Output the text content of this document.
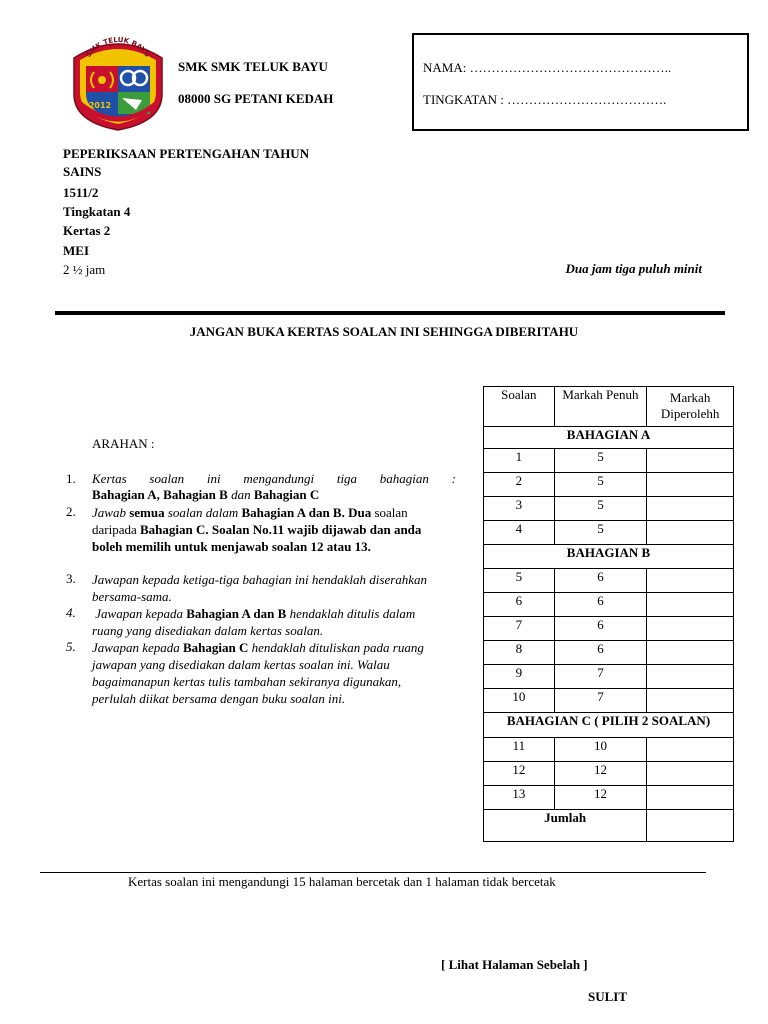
SMK TELUK BAYU
2012
SMK SMK TELUK BAYU
08000 SG PETANI KEDAH
NAMA: ………………………………………..
TINGKATAN : ……………………………….
PEPERIKSAAN PERTENGAHAN TAHUN
SAINS
1511/2
Tingkatan 4
Kertas 2
MEI
2 ½ jam	Dua jam tiga puluh minit
JANGAN BUKA KERTAS SOALAN INI SEHINGGA DIBERITAHU
ARAHAN :
1. Kertas soalan ini mengandungi tiga bahagian :
Bahagian A, Bahagian B dan Bahagian C
2. Jawab semua soalan dalam Bahagian A dan B. Dua soalan daripada Bahagian C. Soalan No.11 wajib dijawab dan anda boleh memilih untuk menjawab soalan 12 atau 13.
3. Jawapan kepada ketiga-tiga bahagian ini hendaklah diserahkan bersama-sama.
4. Jawapan kepada Bahagian A dan B hendaklah ditulis dalam ruang yang disediakan dalam kertas soalan.
5. Jawapan kepada Bahagian C hendaklah dituliskan pada ruang jawapan yang disediakan dalam kertas soalan ini. Walau bagaimanapun kertas tulis tambahan sekiranya digunakan, perlulah diikat bersama dengan buku soalan ini.
Soalan	Markah Penuh	Markah Diperolehh
BAHAGIAN A		
1	5	
2	5	
3	5	
4	5	
BAHAGIAN B		
5	6	
6	6	
7	6	
8	6	
9	7	
10	7	
BAHAGIAN C ( PILIH 2 SOALAN)		
11	10	
12	12	
13	12	
Jumlah		
Kertas soalan ini mengandungi 15 halaman bercetak dan 1 halaman tidak bercetak
[ Lihat Halaman Sebelah ]
SULIT
